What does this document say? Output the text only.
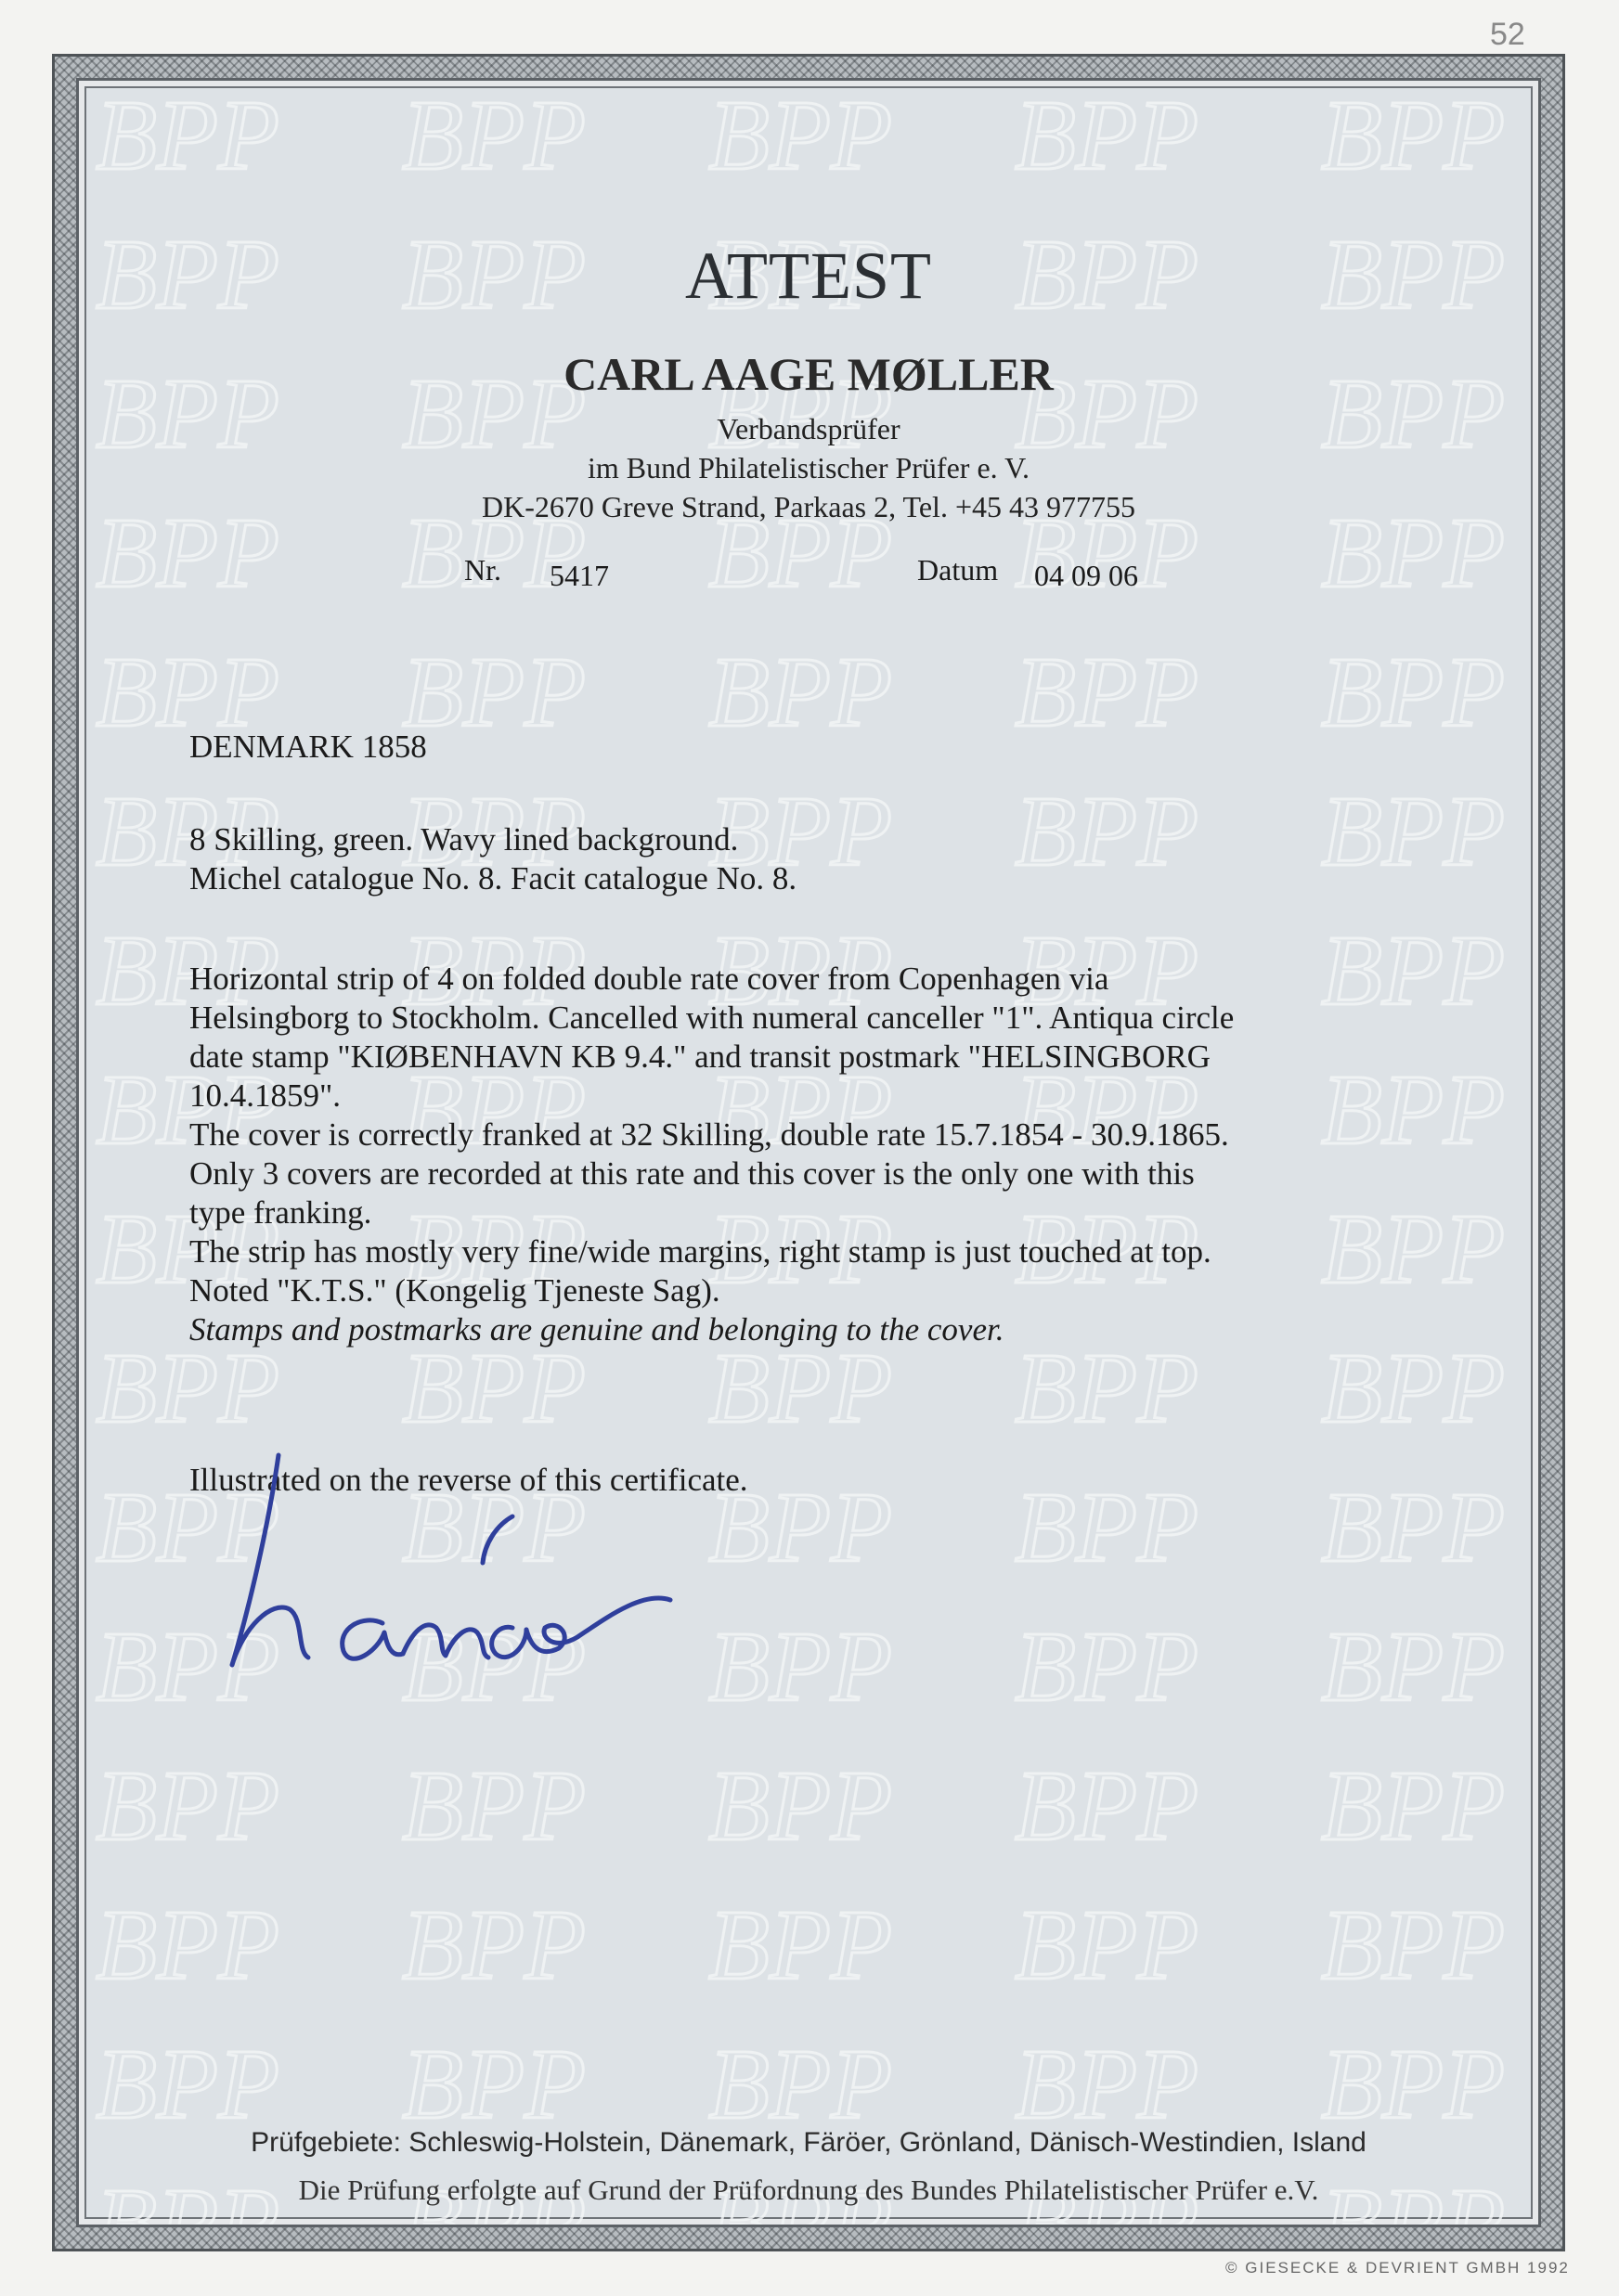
52

ATTEST

CARL AAGE MØLLER

Verbandsprüfer

im Bund Philatelistischer Prüfer e. V.

DK-2670 Greve Strand, Parkaas 2, Tel. +45 43 977755

Nr. 5417	Datum 04 09 06

DENMARK 1858

8 Skilling, green. Wavy lined background.
Michel catalogue No. 8. Facit catalogue No. 8.
Horizontal strip of 4 on folded double rate cover from Copenhagen via
Helsingborg to Stockholm. Cancelled with numeral canceller "1". Antiqua circle
date stamp "KIØBENHAVN KB 9.4." and transit postmark "HELSINGBORG
10.4.1859".
The cover is correctly franked at 32 Skilling, double rate 15.7.1854 - 30.9.1865.
Only 3 covers are recorded at this rate and this cover is the only one with this
type franking.
The strip has mostly very fine/wide margins, right stamp is just touched at top.
Noted "K.T.S." (Kongelig Tjeneste Sag).
Stamps and postmarks are genuine and belonging to the cover.

Illustrated on the reverse of this certificate.

Prüfgebiete: Schleswig-Holstein, Dänemark, Färöer, Grönland, Dänisch-Westindien, Island

Die Prüfung erfolgte auf Grund der Prüfordnung des Bundes Philatelistischer Prüfer e.V.

© GIESECKE & DEVRIENT GMBH 1992
